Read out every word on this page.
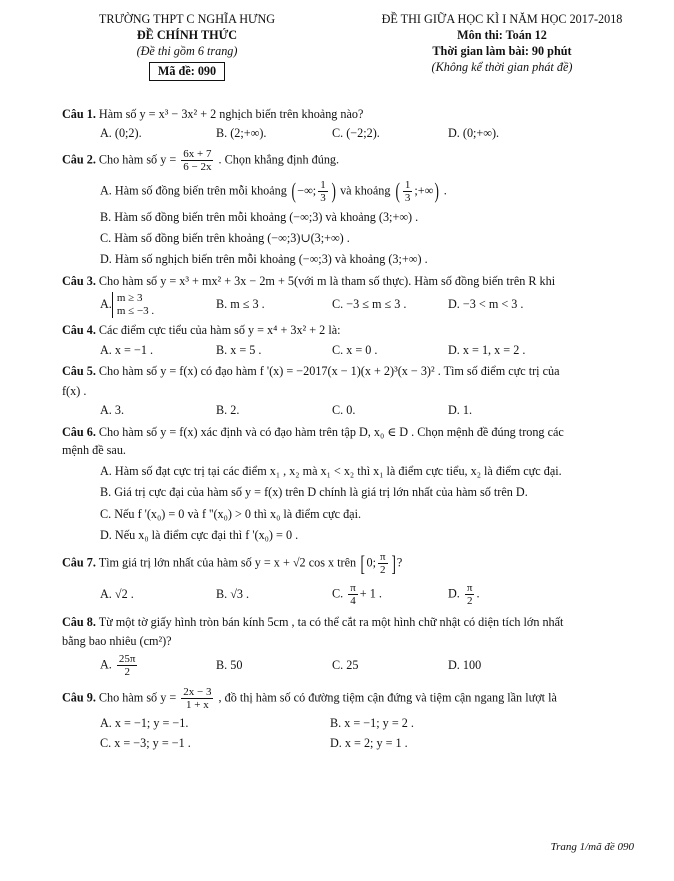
TRƯỜNG THPT C NGHĨA HƯNG
ĐỀ CHÍNH THỨC
(Đề thi gồm 6 trang)
Mã đề: 090
ĐỀ THI GIỮA HỌC KÌ I NĂM HỌC 2017-2018
Môn thi: Toán 12
Thời gian làm bài: 90 phút
(Không kể thời gian phát đề)
Câu 1. Hàm số y = x³ − 3x² + 2 nghịch biến trên khoảng nào?
A. (0;2).	B. (2;+∞).	C. (−2;2).	D. (0;+∞).
Câu 2. Cho hàm số $y = \frac{6x + 7}{6 - 2x}$ . Chọn khẳng định đúng.
A. Hàm số đồng biến trên mỗi khoảng (−∞; $\frac{1}{3}$ ) và khoảng ( $\frac{1}{3}$ ;+∞) .
B. Hàm số đồng biến trên mỗi khoảng (−∞;3) và khoảng (3;+∞) .
C. Hàm số đồng biến trên khoảng (−∞;3)∪(3;+∞) .
D. Hàm số nghịch biến trên mỗi khoảng (−∞;3) và khoảng (3;+∞) .
Câu 3. Cho hàm số y = x³ + mx² + 3x − 2m + 5(với m là tham số thực). Hàm số đồng biến trên R khi
A. m ≥ 3
m ≤ −3 .	B. m ≤ 3 .	C. −3 ≤ m ≤ 3 .	D. −3 < m < 3 .
Câu 4. Các điểm cực tiểu của hàm số y = x⁴ + 3x² + 2 là:
A. x = −1 .	B. x = 5 .	C. x = 0 .	D. x = 1, x = 2 .
Câu 5. Cho hàm số y = f(x) có đạo hàm f '(x) = −2017(x − 1)(x + 2)³(x − 3)² . Tìm số điểm cực trị của
f(x) .
A. 3.	B. 2.	C. 0.	D. 1.
Câu 6. Cho hàm số y = f(x) xác định và có đạo hàm trên tập D, x₀ ∈ D . Chọn mệnh đề đúng trong các
mệnh đề sau.
A. Hàm số đạt cực trị tại các điểm x₁ , x₂ mà x₁ < x₂ thì x₁ là điểm cực tiểu, x₂ là điểm cực đại.
B. Giá trị cực đại của hàm số y = f(x) trên D chính là giá trị lớn nhất của hàm số trên D.
C. Nếu f '(x₀) = 0 và f ''(x₀) > 0 thì x₀ là điểm cực đại.
D. Nếu x₀ là điểm cực đại thì f '(x₀) = 0 .
Câu 7. Tìm giá trị lớn nhất của hàm số y = x + √2 cos x trên [0; $\frac{\pi}{2}$ ]?
A. √2 .	B. √3 .	C. $\frac{\pi}{4} + 1$ .	D. $\frac{\pi}{2}$ .
Câu 8. Từ một tờ giấy hình tròn bán kính 5cm , ta có thể cắt ra một hình chữ nhật có diện tích lớn nhất
bằng bao nhiêu (cm²)?
A. $\frac{25\pi}{2}$	B. 50	C. 25	D. 100
Câu 9. Cho hàm số $y = \frac{2x - 3}{1 + x}$ , đồ thị hàm số có đường tiệm cận đứng và tiệm cận ngang lần lượt là
A. x = −1; y = −1.	B. x = −1; y = 2 .
C. x = −3; y = −1 .	D. x = 2; y = 1 .
Trang 1/mã đề 090
